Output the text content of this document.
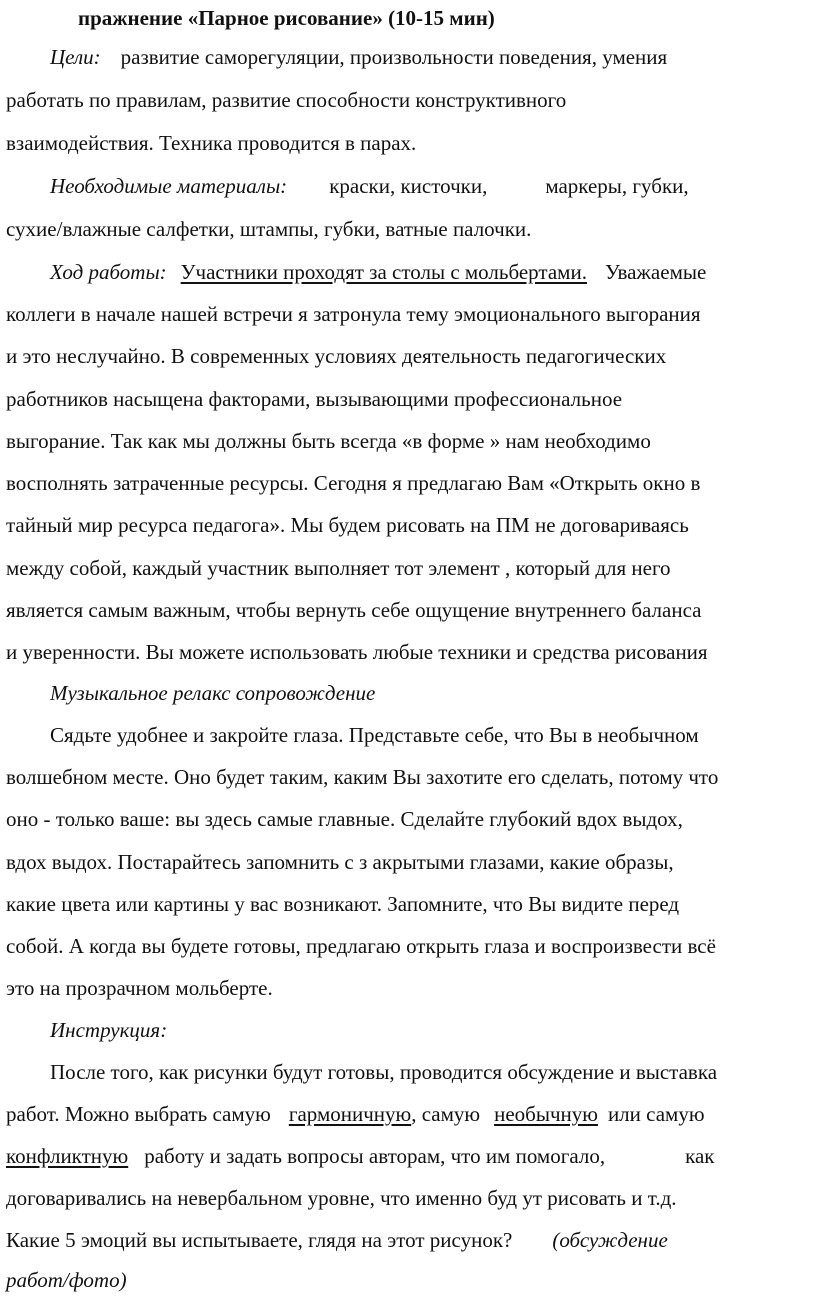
пражнение «Парное рисование» (10-15 мин)
Цели: развитие саморегуляции, произвольности поведения, умения
работать по правилам, развитие способности конструктивного
взаимодействия. Техника проводится в парах.
Необходимые материалы: краски, кисточки,	маркеры, губки,
сухие/влажные салфетки, штампы, губки, ватные палочки.
Ход работы: Участники проходят за столы с мольбертами. Уважаемые
коллеги в начале нашей встречи я затронула тему эмоционального выгорания
и это неслучайно. В современных условиях деятельность педагогических
работников насыщена факторами, вызывающими профессиональное
выгорание. Так как мы должны быть всегда «в форме » нам необходимо
восполнять затраченные ресурсы. Сегодня я предлагаю Вам «Открыть окно в
тайный мир ресурса педагога». Мы будем рисовать на ПМ не договариваясь
между собой, каждый участник выполняет тот элемент , который для него
является самым важным, чтобы вернуть себе ощущение внутреннего баланса
и уверенности. Вы можете использовать любые техники и средства рисования
Музыкальное релакс сопровождение
Сядьте удобнее и закройте глаза. Представьте себе, что Вы в необычном
волшебном месте. Оно будет таким, каким Вы захотите его сделать, потому что
оно - только ваше: вы здесь самые главные. Сделайте глубокий вдох выдох,
вдох выдох. Постарайтесь запомнить с з акрытыми глазами, какие образы,
какие цвета или картины у вас возникают. Запомните, что Вы видите перед
собой. А когда вы будете готовы, предлагаю открыть глаза и воспроизвести всё
это на прозрачном мольберте.
Инструкция:
После того, как рисунки будут готовы, проводится обсуждение и выставка
работ. Можно выбрать самую гармоничную, самую необычную или самую
конфликтную работу и задать вопросы авторам, что им помогало,	как
договаривались на невербальном уровне, что именно буд ут рисовать и т.д.
Какие 5 эмоций вы испытываете, глядя на этот рисунок? (обсуждение
работ/фото)
